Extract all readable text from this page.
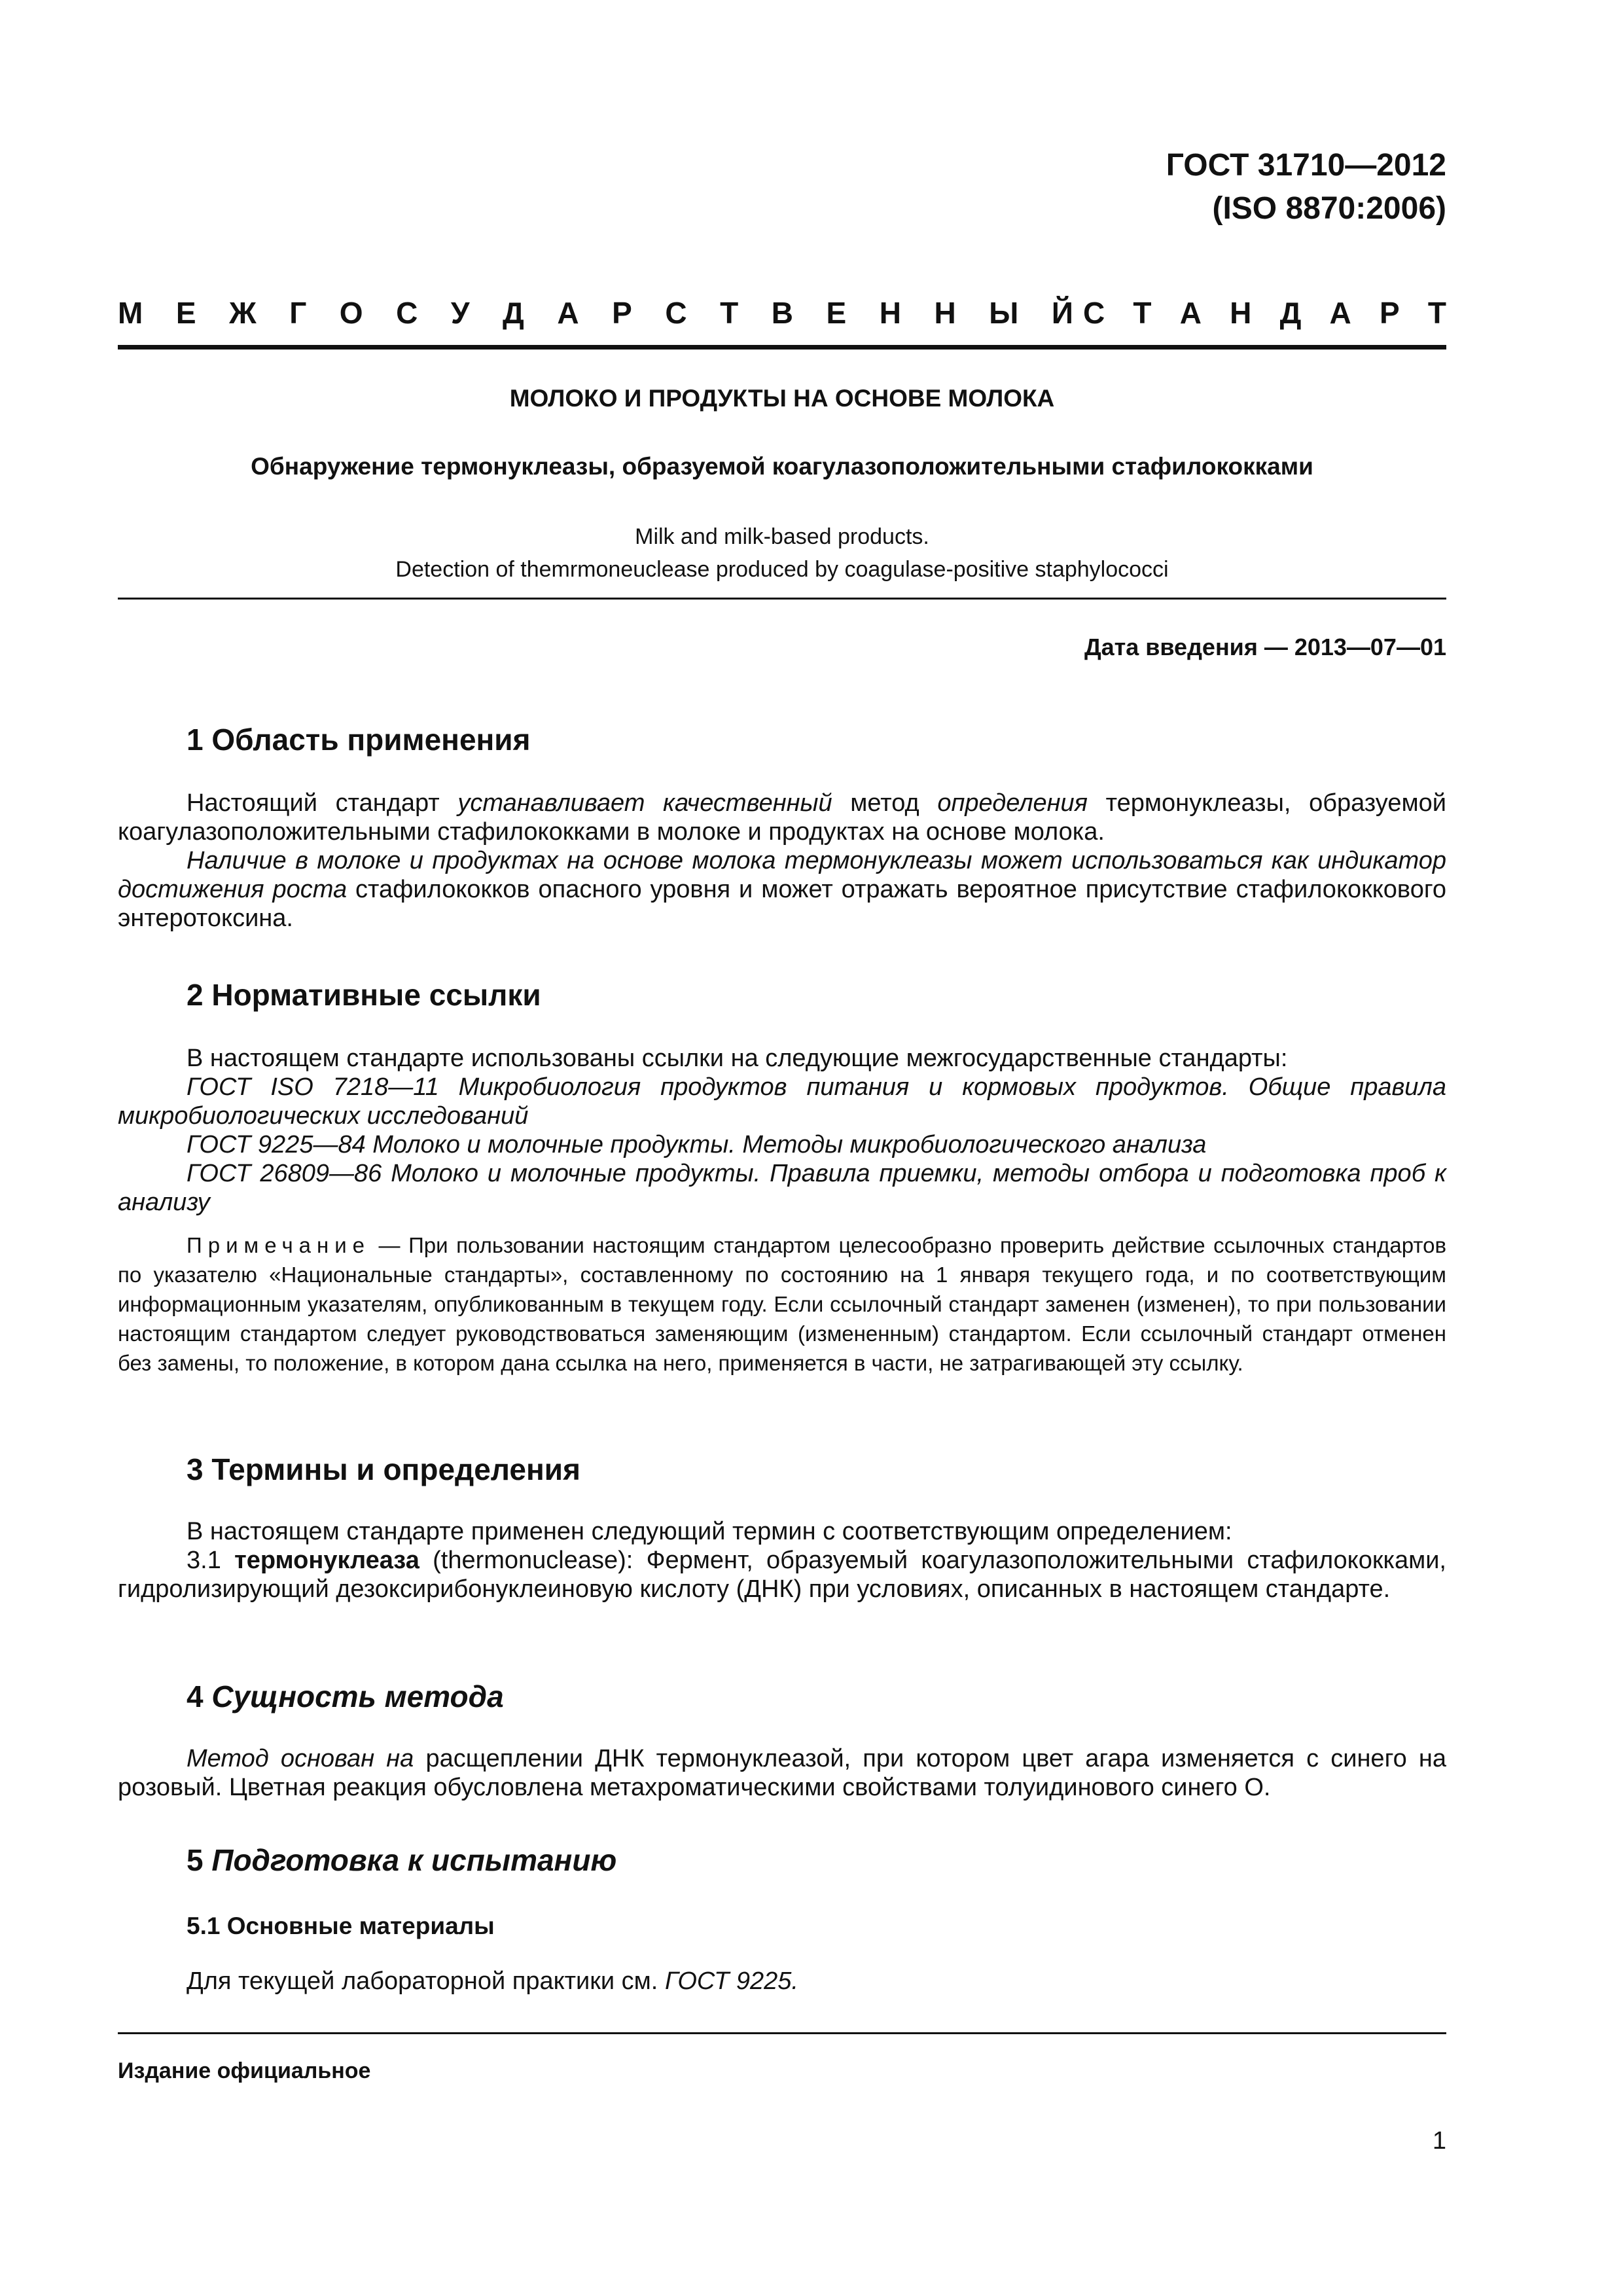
ГОСТ 31710—2012
(ISO 8870:2006)
М Е Ж Г О С У Д А Р С Т В Е Н Н Ы Й С Т А Н Д А Р Т
МОЛОКО И ПРОДУКТЫ НА ОСНОВЕ МОЛОКА
Обнаружение термонуклеазы, образуемой коагулазоположительными стафилококками
Milk and milk-based products.
Detection of themrmoneuclease produced by coagulase-positive staphylococci
Дата введения — 2013—07—01
1 Область применения
Настоящий стандарт устанавливает качественный метод определения термонуклеазы, образуемой коагулазоположительными стафилококками в молоке и продуктах на основе молока.
Наличие в молоке и продуктах на основе молока термонуклеазы может использоваться как индикатор достижения роста стафилококков опасного уровня и может отражать вероятное присутствие стафилококкового энтеротоксина.
2 Нормативные ссылки
В настоящем стандарте использованы ссылки на следующие межгосударственные стандарты:
ГОСТ ISO 7218—11 Микробиология продуктов питания и кормовых продуктов. Общие правила микробиологических исследований
ГОСТ 9225—84 Молоко и молочные продукты. Методы микробиологического анализа
ГОСТ 26809—86 Молоко и молочные продукты. Правила приемки, методы отбора и подготовка проб к анализу
Примечание — При пользовании настоящим стандартом целесообразно проверить действие ссылочных стандартов по указателю «Национальные стандарты», составленному по состоянию на 1 января текущего года, и по соответствующим информационным указателям, опубликованным в текущем году. Если ссылочный стандарт заменен (изменен), то при пользовании настоящим стандартом следует руководствоваться заменяющим (измененным) стандартом. Если ссылочный стандарт отменен без замены, то положение, в котором дана ссылка на него, применяется в части, не затрагивающей эту ссылку.
3 Термины и определения
В настоящем стандарте применен следующий термин с соответствующим определением:
3.1 термонуклеаза (thermonuclease): Фермент, образуемый коагулазоположительными стафилококками, гидролизирующий дезоксирибонуклеиновую кислоту (ДНК) при условиях, описанных в настоящем стандарте.
4 Сущность метода
Метод основан на расщеплении ДНК термонуклеазой, при котором цвет агара изменяется с синего на розовый. Цветная реакция обусловлена метахроматическими свойствами толуидинового синего О.
5 Подготовка к испытанию
5.1 Основные материалы
Для текущей лабораторной практики см. ГОСТ 9225.
Издание официальное
1
